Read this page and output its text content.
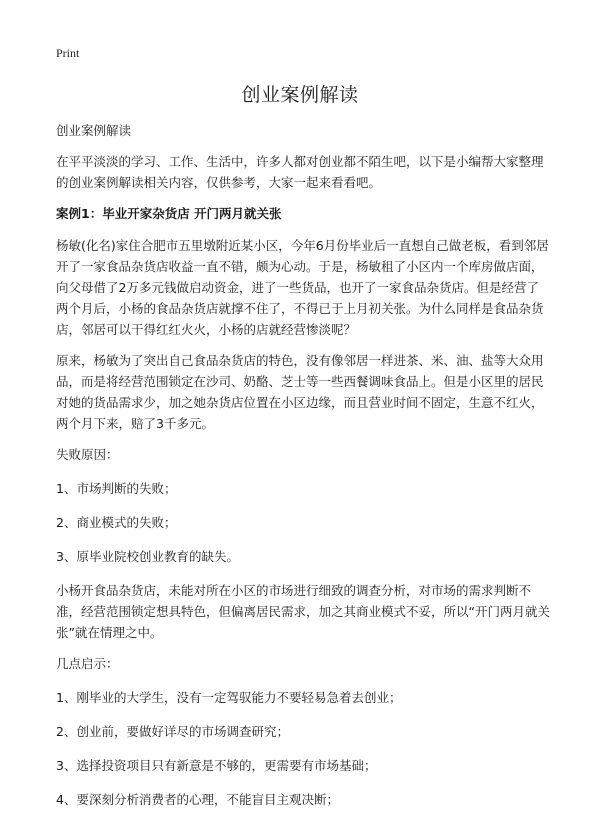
Print
创业案例解读

创业案例解读

在平平淡淡的学习、工作、生活中，许多人都对创业都不陌生吧，以下是小编帮大家整理的创业案例解读相关内容，仅供参考，大家一起来看看吧。

案例1：毕业开家杂货店 开门两月就关张

杨敏(化名)家住合肥市五里墩附近某小区，今年6月份毕业后一直想自己做老板，看到邻居开了一家食品杂货店收益一直不错，颇为心动。于是，杨敏租了小区内一个库房做店面，向父母借了2万多元钱做启动资金，进了一些货品，也开了一家食品杂货店。但是经营了两个月后，小杨的食品杂货店就撑不住了，不得已于上月初关张。为什么同样是食品杂货店，邻居可以干得红红火火，小杨的店就经营惨淡呢？

原来，杨敏为了突出自己食品杂货店的特色，没有像邻居一样进茶、米、油、盐等大众用品，而是将经营范围锁定在沙司、奶酪、芝士等一些西餐调味食品上。但是小区里的居民对她的货品需求少，加之她杂货店位置在小区边缘，而且营业时间不固定，生意不红火，两个月下来，赔了3千多元。

失败原因：

1、市场判断的失败；

2、商业模式的失败；

3、原毕业院校创业教育的缺失。

小杨开食品杂货店，未能对所在小区的市场进行细致的调查分析，对市场的需求判断不准，经营范围锁定想具特色，但偏离居民需求，加之其商业模式不妥，所以“开门两月就关张”就在情理之中。

几点启示：

1、刚毕业的大学生，没有一定驾驭能力不要轻易急着去创业；

2、创业前，要做好详尽的市场调查研究；

3、选择投资项目只有新意是不够的，更需要有市场基础；

4、要深刻分析消费者的心理，不能盲目主观决断；
